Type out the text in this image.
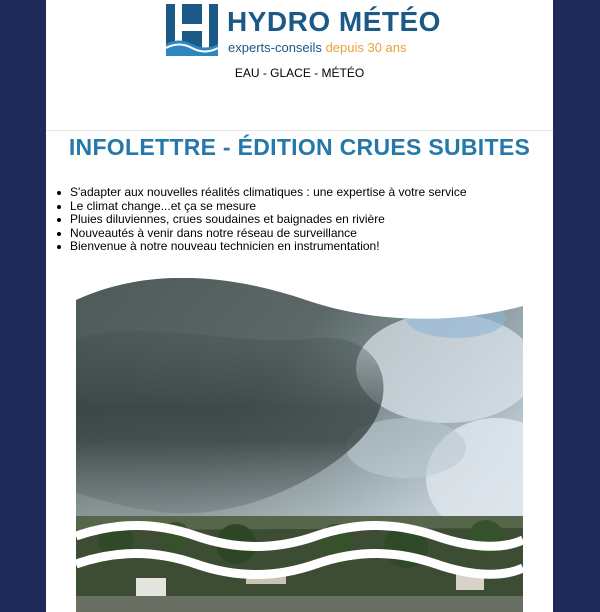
HYDRO MÉTÉO
experts-conseils depuis 30 ans
EAU - GLACE - MÉTÉO
INFOLETTRE - ÉDITION CRUES SUBITES
S'adapter aux nouvelles réalités climatiques : une expertise à votre service
Le climat change...et ça se mesure
Pluies diluviennes, crues soudaines et baignades en rivière
Nouveautés à venir dans notre réseau de surveillance
Bienvenue à notre nouveau technicien en instrumentation!
